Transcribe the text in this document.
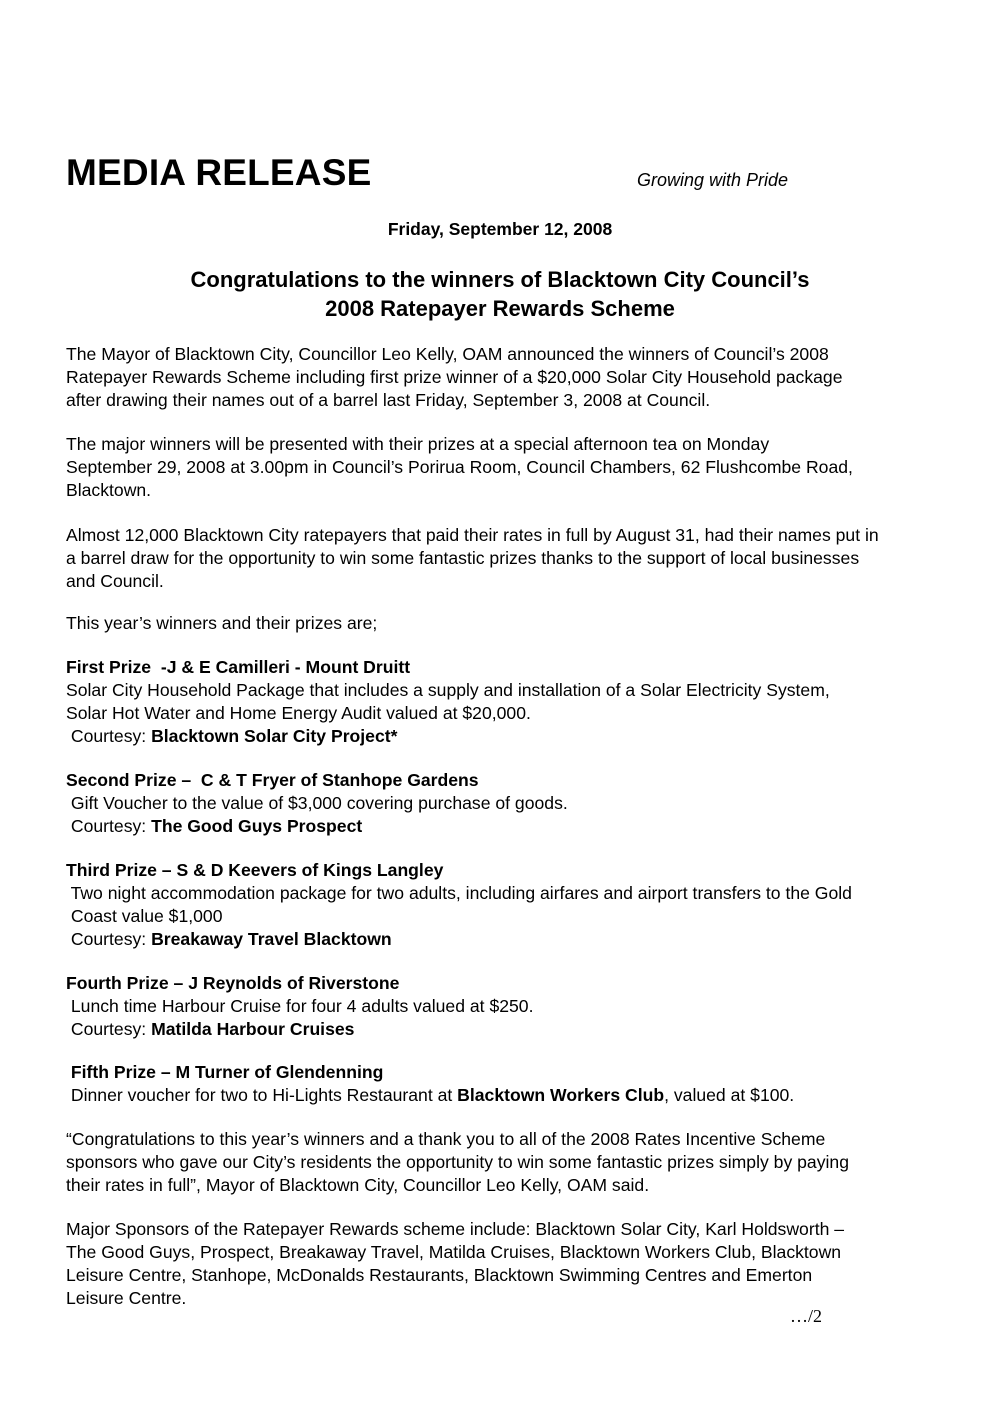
MEDIA RELEASE	Growing with Pride
Friday, September 12, 2008
Congratulations to the winners of Blacktown City Council’s
2008 Ratepayer Rewards Scheme
The Mayor of Blacktown City, Councillor Leo Kelly, OAM announced the winners of Council’s 2008
Ratepayer Rewards Scheme including first prize winner of a $20,000 Solar City Household package
after drawing their names out of a barrel last Friday, September 3, 2008 at Council.
The major winners will be presented with their prizes at a special afternoon tea on Monday
September 29, 2008 at 3.00pm in Council’s Porirua Room, Council Chambers, 62 Flushcombe Road,
Blacktown.
Almost 12,000 Blacktown City ratepayers that paid their rates in full by August 31, had their names put in
a barrel draw for the opportunity to win some fantastic prizes thanks to the support of local businesses
and Council.
This year’s winners and their prizes are;
First Prize  -J & E Camilleri - Mount Druitt
Solar City Household Package that includes a supply and installation of a Solar Electricity System,
Solar Hot Water and Home Energy Audit valued at $20,000.
Courtesy: Blacktown Solar City Project*
Second Prize –  C & T Fryer of Stanhope Gardens
Gift Voucher to the value of $3,000 covering purchase of goods.
Courtesy: The Good Guys Prospect
Third Prize – S & D Keevers of Kings Langley
Two night accommodation package for two adults, including airfares and airport transfers to the Gold
Coast value $1,000
Courtesy: Breakaway Travel Blacktown
Fourth Prize – J Reynolds of Riverstone
Lunch time Harbour Cruise for four 4 adults valued at $250.
Courtesy: Matilda Harbour Cruises
Fifth Prize – M Turner of Glendenning
Dinner voucher for two to Hi-Lights Restaurant at Blacktown Workers Club, valued at $100.
“Congratulations to this year’s winners and a thank you to all of the 2008 Rates Incentive Scheme
sponsors who gave our City’s residents the opportunity to win some fantastic prizes simply by paying
their rates in full”, Mayor of Blacktown City, Councillor Leo Kelly, OAM said.
Major Sponsors of the Ratepayer Rewards scheme include: Blacktown Solar City, Karl Holdsworth –
The Good Guys, Prospect, Breakaway Travel, Matilda Cruises, Blacktown Workers Club, Blacktown
Leisure Centre, Stanhope, McDonalds Restaurants, Blacktown Swimming Centres and Emerton
Leisure Centre.
…/2
